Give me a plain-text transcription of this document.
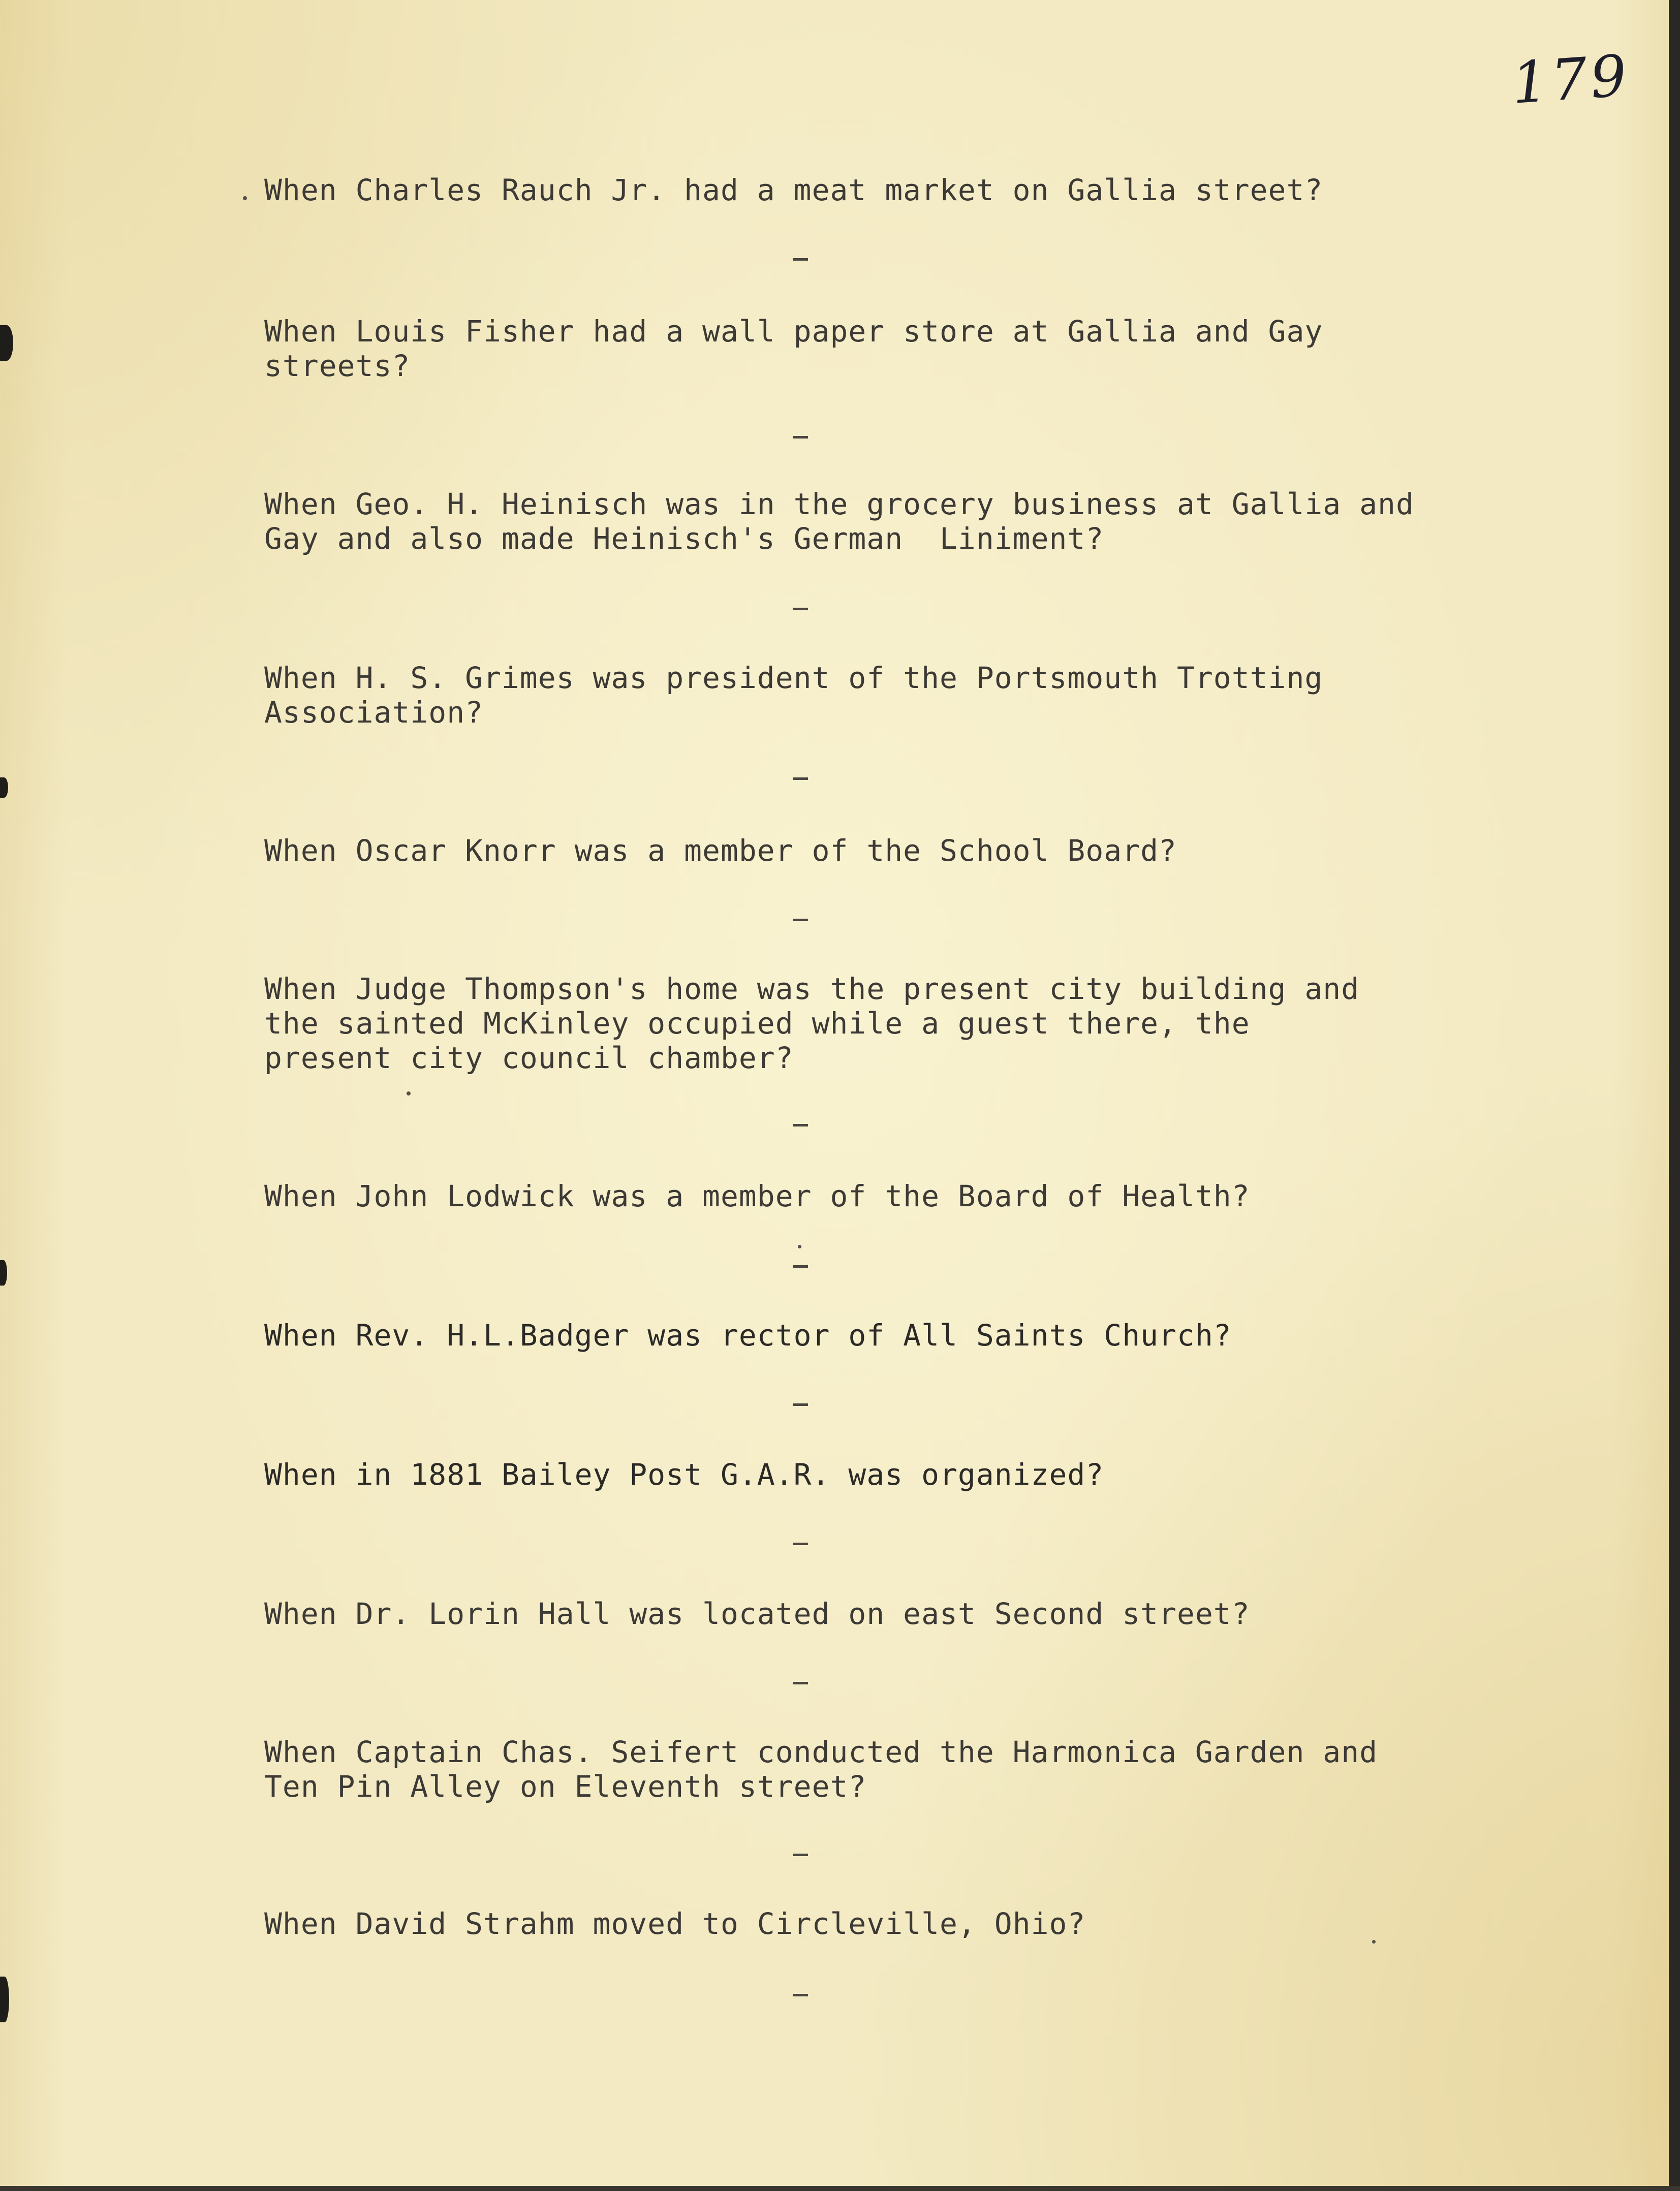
179
When Charles Rauch Jr. had a meat market on Gallia street?
When Louis Fisher had a wall paper store at Gallia and Gay
streets?
When Geo. H. Heinisch was in the grocery business at Gallia and
Gay and also made Heinisch's German  Liniment?
When H. S. Grimes was president of the Portsmouth Trotting
Association?
When Oscar Knorr was a member of the School Board?
When Judge Thompson's home was the present city building and
the sainted McKinley occupied while a guest there, the
present city council chamber?
When John Lodwick was a member of the Board of Health?
When Rev. H.L.Badger was rector of All Saints Church?
When in 1881 Bailey Post G.A.R. was organized?
When Dr. Lorin Hall was located on east Second street?
When Captain Chas. Seifert conducted the Harmonica Garden and
Ten Pin Alley on Eleventh street?
When David Strahm moved to Circleville, Ohio?
